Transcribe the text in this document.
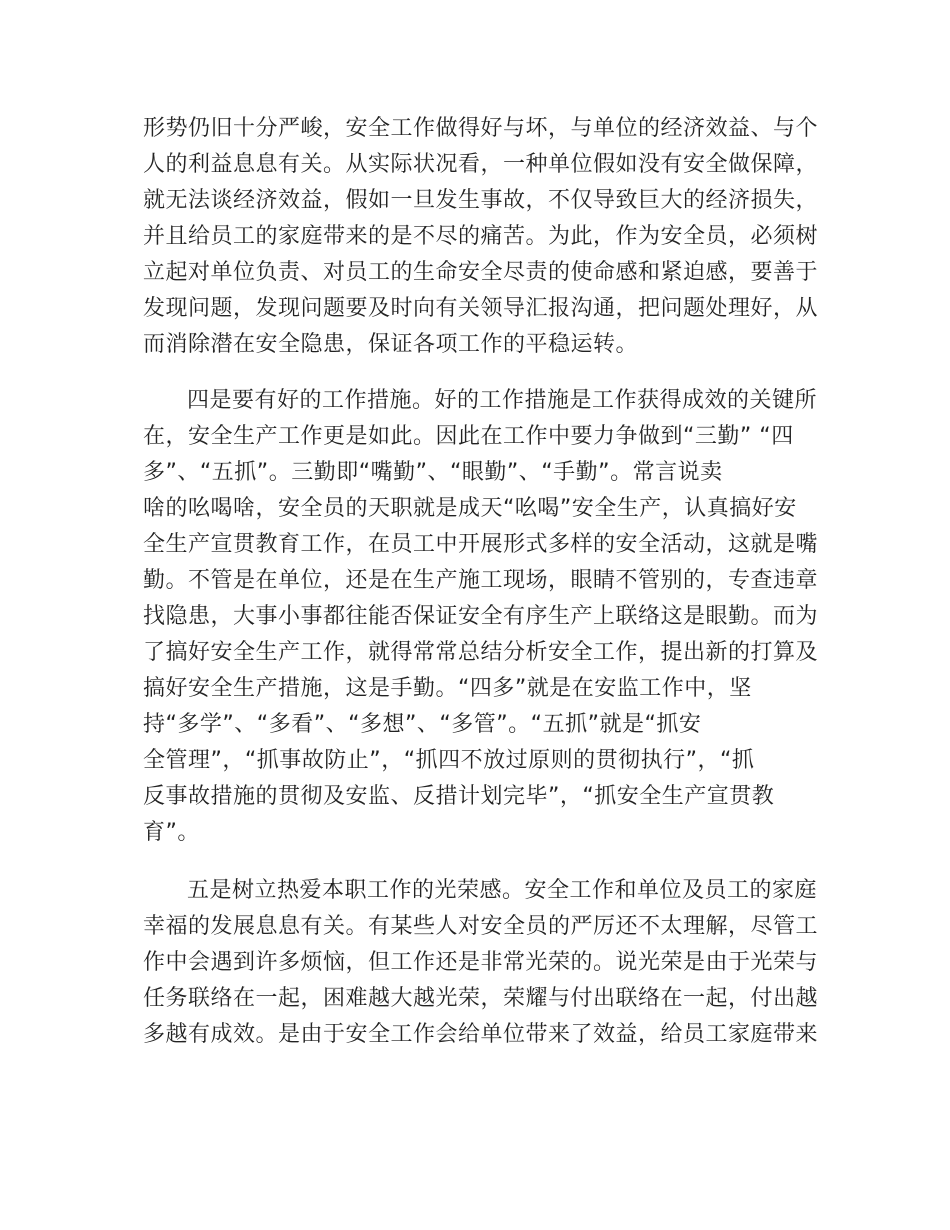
形势仍旧十分严峻，安全工作做得好与坏，与单位的经济效益、与个
人的利益息息有关。从实际状况看，一种单位假如没有安全做保障，
就无法谈经济效益，假如一旦发生事故，不仅导致巨大的经济损失，
并且给员工的家庭带来的是不尽的痛苦。为此，作为安全员，必须树
立起对单位负责、对员工的生命安全尽责的使命感和紧迫感，要善于
发现问题，发现问题要及时向有关领导汇报沟通，把问题处理好，从
而消除潜在安全隐患，保证各项工作的平稳运转。
四是要有好的工作措施。好的工作措施是工作获得成效的关键所
在，安全生产工作更是如此。因此在工作中要力争做到“三勤” “四
多”、“五抓”。三勤即“嘴勤”、“眼勤”、“手勤”。常言说卖
啥的吆喝啥，安全员的天职就是成天“吆喝”安全生产，认真搞好安
全生产宣贯教育工作，在员工中开展形式多样的安全活动，这就是嘴
勤。不管是在单位，还是在生产施工现场，眼睛不管别的，专查违章
找隐患，大事小事都往能否保证安全有序生产上联络这是眼勤。而为
了搞好安全生产工作，就得常常总结分析安全工作，提出新的打算及
搞好安全生产措施，这是手勤。“四多”就是在安监工作中，坚
持“多学”、“多看”、“多想”、“多管”。“五抓”就是“抓安
全管理”，“抓事故防止”，“抓四不放过原则的贯彻执行”，“抓
反事故措施的贯彻及安监、反措计划完毕”，“抓安全生产宣贯教
育”。
五是树立热爱本职工作的光荣感。安全工作和单位及员工的家庭
幸福的发展息息有关。有某些人对安全员的严厉还不太理解，尽管工
作中会遇到许多烦恼，但工作还是非常光荣的。说光荣是由于光荣与
任务联络在一起，困难越大越光荣，荣耀与付出联络在一起，付出越
多越有成效。是由于安全工作会给单位带来了效益，给员工家庭带来
